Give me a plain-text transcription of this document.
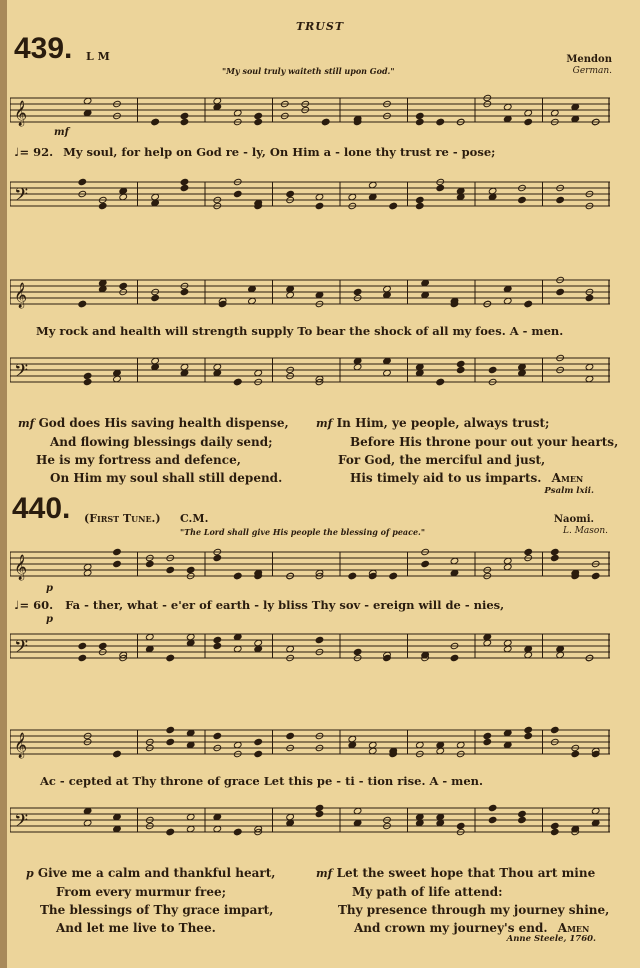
TRUST
439. L M
"My soul truly waiteth still upon God."
Mendon
German.
𝄞
mf
♩= 92. My soul, for help on God re - ly, On Him a - lone thy trust re - pose;
𝄢
𝄞
My rock and health will strength supply To bear the shock of all my foes. A - men.
𝄢
mf God does His saving health dispense,
And flowing blessings daily send;
He is my fortress and defence,
On Him my soul shall still depend.
mf In Him, ye people, always trust;
Before His throne pour out your hearts,
For God, the merciful and just,
His timely aid to us imparts. Amen
Psalm lxii.
440. (First Tune.) C.M.
"The Lord shall give His people the blessing of peace."
Naomi.
L. Mason.
𝄞
p
♩= 60. Fa - ther, what - e'er of earth - ly bliss Thy sov - ereign will de - nies,
p
𝄢
𝄞
Ac - cepted at Thy throne of grace Let this pe - ti - tion rise. A - men.
𝄢
p Give me a calm and thankful heart,
From every murmur free;
The blessings of Thy grace impart,
And let me live to Thee.
mf Let the sweet hope that Thou art mine
My path of life attend:
Thy presence through my journey shine,
And crown my journey's end. Amen
Anne Steele, 1760.
